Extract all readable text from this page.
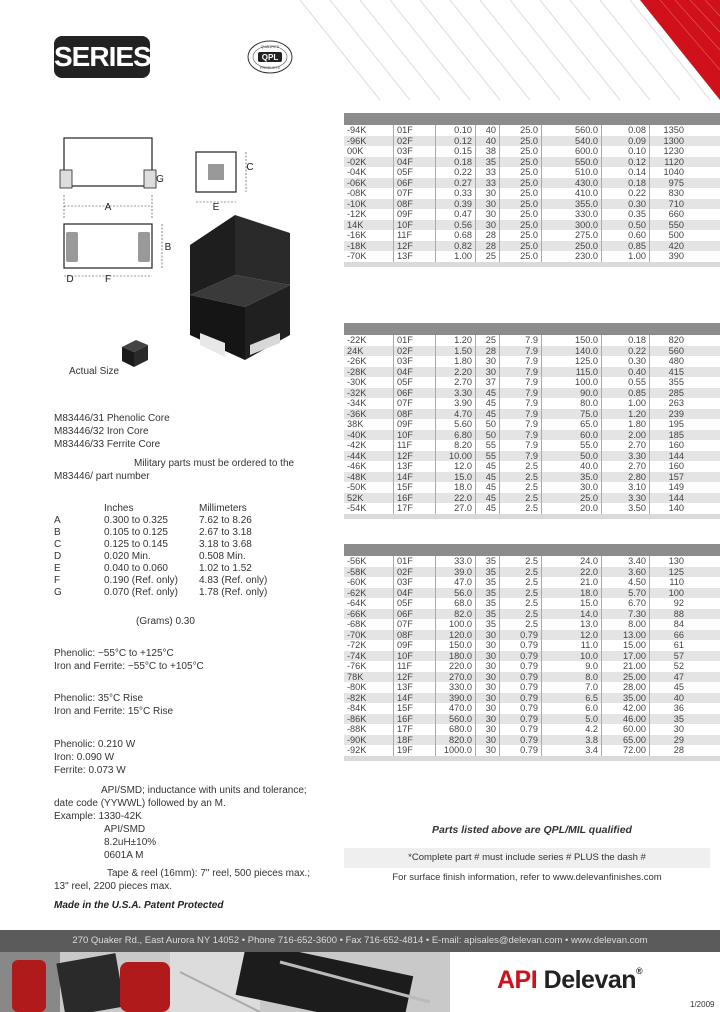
SERIES	QPL
QUALIFIED
PRODUCTS
G
C
E
A
B
D	F
Actual Size
M83446/31 Phenolic Core
M83446/32 Iron Core
M83446/33 Ferrite Core
Military parts must be ordered to the
M83446/ part number
Inches	Millimeters
A	0.300 to 0.325	7.62 to 8.26
B	0.105 to 0.125	2.67 to 3.18
C	0.125 to 0.145	3.18 to 3.68
D	0.020 Min.	0.508 Min.
E	0.040 to 0.060	1.02 to 1.52
F	0.190 (Ref. only)	4.83 (Ref. only)
G	0.070 (Ref. only)	1.78 (Ref. only)
(Grams) 0.30
Phenolic: −55°C to +125°C
Iron and Ferrite: −55°C to +105°C
Phenolic: 35°C Rise
Iron and Ferrite: 15°C Rise
Phenolic: 0.210 W
Iron: 0.090 W
Ferrite: 0.073 W
API/SMD; inductance with units and tolerance;
date code (YYWWL) followed by an M.
Example: 1330-42K
API/SMD
8.2uH±10%
0601A M
Tape & reel (16mm): 7" reel, 500 pieces max.;
13" reel, 2200 pieces max.
Made in the U.S.A. Patent Protected
-94K	01F	0.10	40	25.0	560.0	0.08	1350
-96K	02F	0.12	40	25.0	540.0	0.09	1300
00K	03F	0.15	38	25.0	600.0	0.10	1230
-02K	04F	0.18	35	25.0	550.0	0.12	1120
-04K	05F	0.22	33	25.0	510.0	0.14	1040
-06K	06F	0.27	33	25.0	430.0	0.18	975
-08K	07F	0.33	30	25.0	410.0	0.22	830
-10K	08F	0.39	30	25.0	355.0	0.30	710
-12K	09F	0.47	30	25.0	330.0	0.35	660
14K	10F	0.56	30	25.0	300.0	0.50	550
-16K	11F	0.68	28	25.0	275.0	0.60	500
-18K	12F	0.82	28	25.0	250.0	0.85	420
-70K	13F	1.00	25	25.0	230.0	1.00	390
-22K	01F	1.20	25	7.9	150.0	0.18	820
24K	02F	1.50	28	7.9	140.0	0.22	560
-26K	03F	1.80	30	7.9	125.0	0.30	480
-28K	04F	2.20	30	7.9	115.0	0.40	415
-30K	05F	2.70	37	7.9	100.0	0.55	355
-32K	06F	3.30	45	7.9	90.0	0.85	285
-34K	07F	3.90	45	7.9	80.0	1.00	263
-36K	08F	4.70	45	7.9	75.0	1.20	239
38K	09F	5.60	50	7.9	65.0	1.80	195
-40K	10F	6.80	50	7.9	60.0	2.00	185
-42K	11F	8.20	55	7.9	55.0	2.70	160
-44K	12F	10.00	55	7.9	50.0	3.30	144
-46K	13F	12.0	45	2.5	40.0	2.70	160
-48K	14F	15.0	45	2.5	35.0	2.80	157
-50K	15F	18.0	45	2.5	30.0	3.10	149
52K	16F	22.0	45	2.5	25.0	3.30	144
-54K	17F	27.0	45	2.5	20.0	3.50	140
-56K	01F	33.0	35	2.5	24.0	3.40	130
-58K	02F	39.0	35	2.5	22.0	3.60	125
-60K	03F	47.0	35	2.5	21.0	4.50	110
-62K	04F	56.0	35	2.5	18.0	5.70	100
-64K	05F	68.0	35	2.5	15.0	6.70	92
-66K	06F	82.0	35	2.5	14.0	7.30	88
-68K	07F	100.0	35	2.5	13.0	8.00	84
-70K	08F	120.0	30	0.79	12.0	13.00	66
-72K	09F	150.0	30	0.79	11.0	15.00	61
-74K	10F	180.0	30	0.79	10.0	17.00	57
-76K	11F	220.0	30	0.79	9.0	21.00	52
78K	12F	270.0	30	0.79	8.0	25.00	47
-80K	13F	330.0	30	0.79	7.0	28.00	45
-82K	14F	390.0	30	0.79	6.5	35.00	40
-84K	15F	470.0	30	0.79	6.0	42.00	36
-86K	16F	560.0	30	0.79	5.0	46.00	35
-88K	17F	680.0	30	0.79	4.2	60.00	30
-90K	18F	820.0	30	0.79	3.8	65.00	29
-92K	19F	1000.0	30	0.79	3.4	72.00	28
Parts listed above are QPL/MIL qualified
*Complete part # must include series # PLUS the dash #
For surface finish information, refer to www.delevanfinishes.com
270 Quaker Rd., East Aurora NY 14052 • Phone 716-652-3600 • Fax 716-652-4814 • E-mail: apisales@delevan.com • www.delevan.com
API Delevan®
1/2009
